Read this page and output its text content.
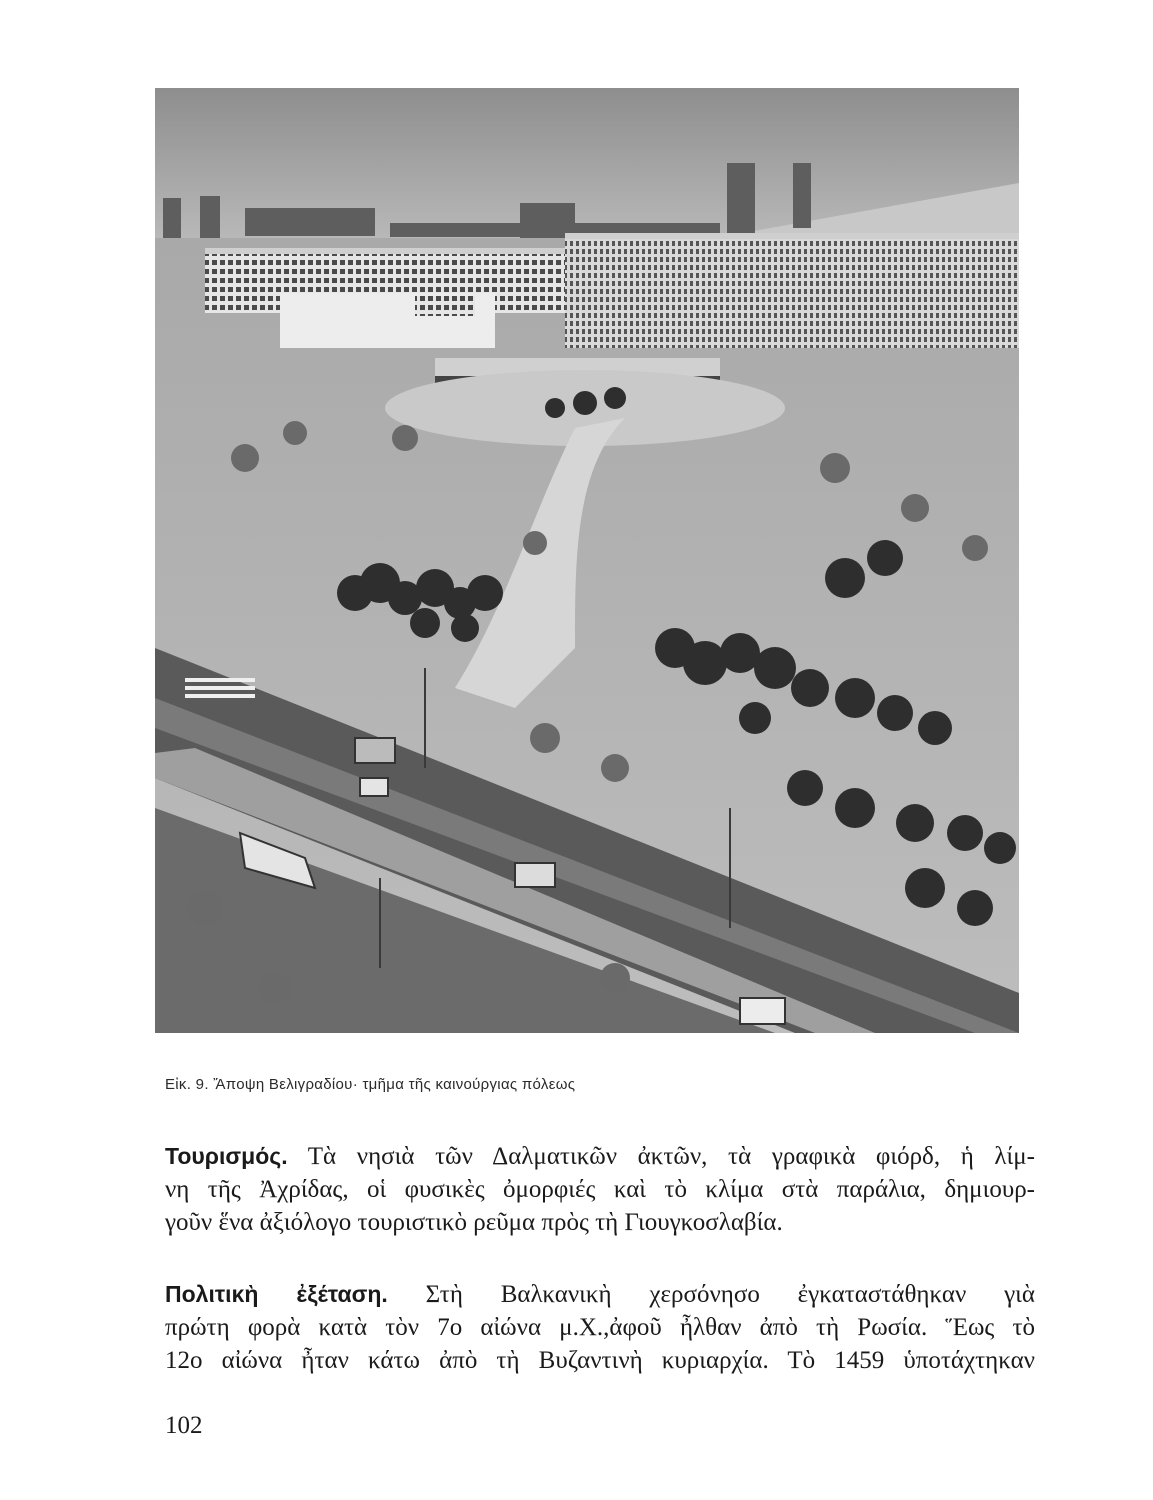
Εἰκ. 9. Ἄποψη Βελιγραδίου· τμῆμα τῆς καινούργιας πόλεως
Τουρισμός. Τὰ νησιὰ τῶν Δαλματικῶν ἀκτῶν, τὰ γραφικὰ φιόρδ, ἡ λίμ-
νη τῆς Ἀχρίδας, οἱ φυσικὲς ὀμορφιές καὶ τὸ κλίμα στὰ παράλια, δημιουρ-
γοῦν ἕνα ἀξιόλογο τουριστικὸ ρεῦμα πρὸς τὴ Γιουγκοσλαβία.
Πολιτικὴ ἐξέταση. Στὴ Βαλκανικὴ χερσόνησο ἐγκαταστάθηκαν γιὰ
πρώτη φορὰ κατὰ τὸν 7ο αἰώνα μ.Χ.,ἀφοῦ ἦλθαν ἀπὸ τὴ Ρωσία. Ἕως τὸ
12ο αἰώνα ἦταν κάτω ἀπὸ τὴ Βυζαντινὴ κυριαρχία. Τὸ 1459 ὑποτάχτηκαν
102
